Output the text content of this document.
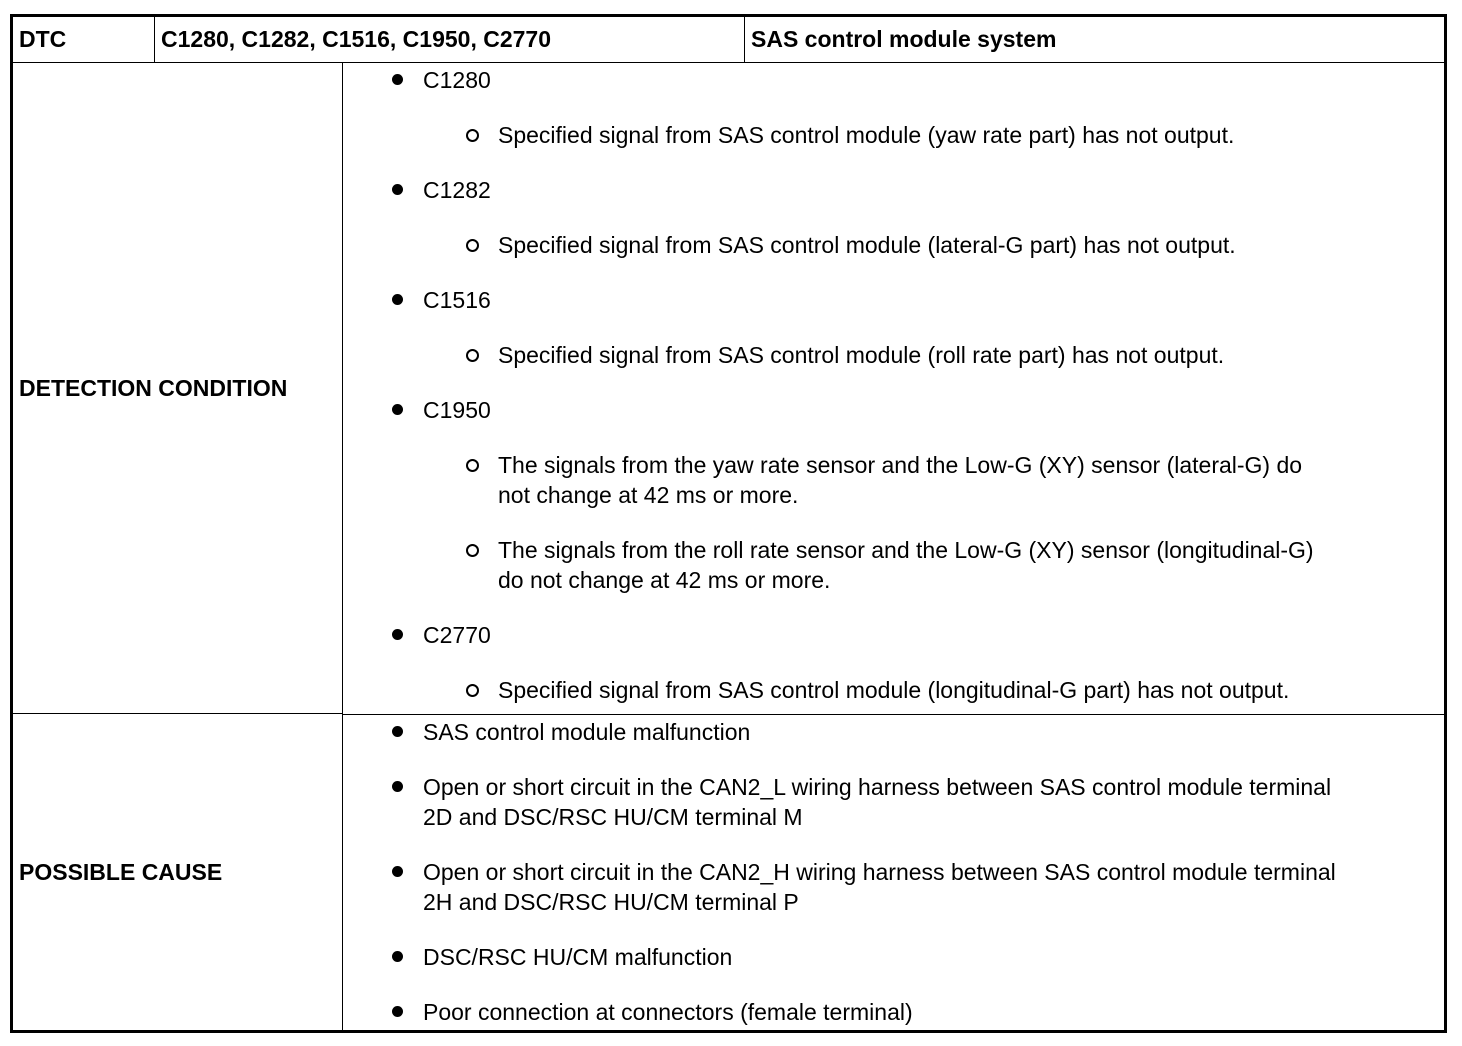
DTC	C1280, C1282, C1516, C1950, C2770	SAS control module system
DETECTION CONDITION
POSSIBLE CAUSE
C1280
Specified signal from SAS control module (yaw rate part) has not output.
C1282
Specified signal from SAS control module (lateral-G part) has not output.
C1516
Specified signal from SAS control module (roll rate part) has not output.
C1950
The signals from the yaw rate sensor and the Low-G (XY) sensor (lateral-G) do
not change at 42 ms or more.
The signals from the roll rate sensor and the Low-G (XY) sensor (longitudinal-G)
do not change at 42 ms or more.
C2770
Specified signal from SAS control module (longitudinal-G part) has not output.
SAS control module malfunction
Open or short circuit in the CAN2_L wiring harness between SAS control module terminal
2D and DSC/RSC HU/CM terminal M
Open or short circuit in the CAN2_H wiring harness between SAS control module terminal
2H and DSC/RSC HU/CM terminal P
DSC/RSC HU/CM malfunction
Poor connection at connectors (female terminal)
